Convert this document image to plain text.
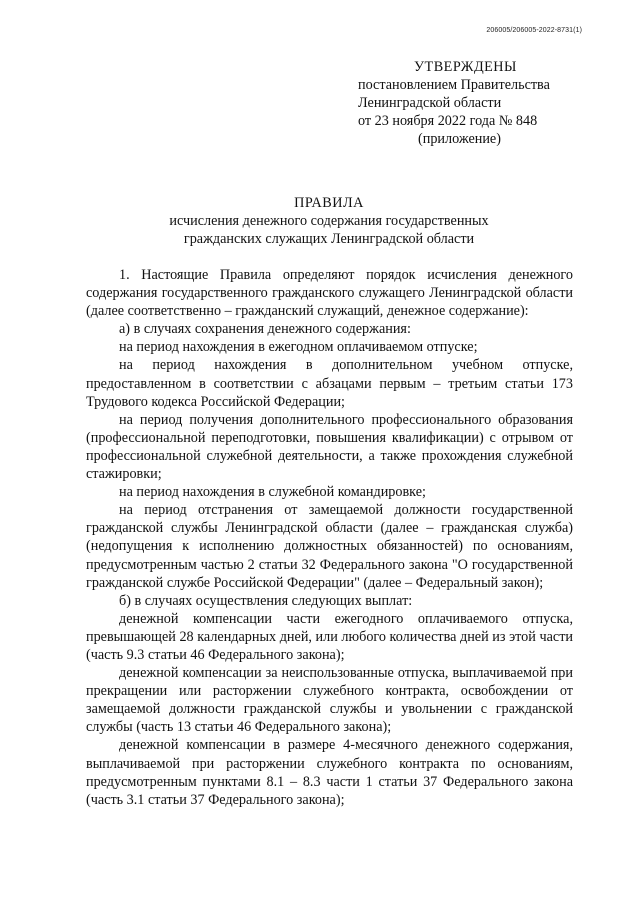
206005/206005-2022-8731(1)
УТВЕРЖДЕНЫ
постановлением Правительства
Ленинградской области
от 23 ноября 2022 года № 848
(приложение)
ПРАВИЛА
исчисления денежного содержания государственных
гражданских служащих Ленинградской области

1. Настоящие Правила определяют порядок исчисления денежного содержания государственного гражданского служащего Ленинградской области (далее соответственно – гражданский служащий, денежное содержание):

а) в случаях сохранения денежного содержания:

на период нахождения в ежегодном оплачиваемом отпуске;

на период нахождения в дополнительном учебном отпуске, предоставленном в соответствии с абзацами первым – третьим статьи 173 Трудового кодекса Российской Федерации;

на период получения дополнительного профессионального образования (профессиональной переподготовки, повышения квалификации) с отрывом от профессиональной служебной деятельности, а также прохождения служебной стажировки;

на период нахождения в служебной командировке;

на период отстранения от замещаемой должности государственной гражданской службы Ленинградской области (далее – гражданская служба) (недопущения к исполнению должностных обязанностей) по основаниям, предусмотренным частью 2 статьи 32 Федерального закона "О государственной гражданской службе Российской Федерации" (далее – Федеральный закон);

б) в случаях осуществления следующих выплат:

денежной компенсации части ежегодного оплачиваемого отпуска, превышающей 28 календарных дней, или любого количества дней из этой части (часть 9.3 статьи 46 Федерального закона);

денежной компенсации за неиспользованные отпуска, выплачиваемой при прекращении или расторжении служебного контракта, освобождении от замещаемой должности гражданской службы и увольнении с гражданской службы (часть 13 статьи 46 Федерального закона);

денежной компенсации в размере 4-месячного денежного содержания, выплачиваемой при расторжении служебного контракта по основаниям, предусмотренным пунктами 8.1 – 8.3 части 1 статьи 37 Федерального закона (часть 3.1 статьи 37 Федерального закона);
